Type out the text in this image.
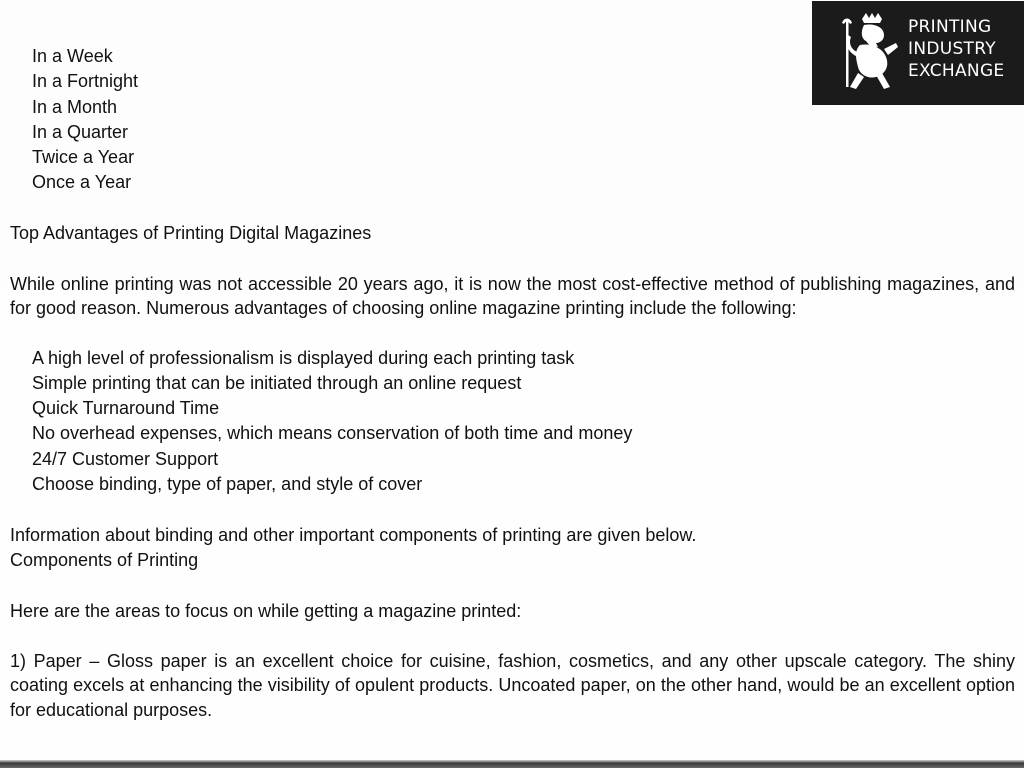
PRINTING
INDUSTRY
EXCHANGE
In a Week
In a Fortnight
In a Month
In a Quarter
Twice a Year
Once a Year
Top Advantages of Printing Digital Magazines
While online printing was not accessible 20 years ago, it is now the most cost-effective method of publishing magazines, and for good reason. Numerous advantages of choosing online magazine printing include the following:
A high level of professionalism is displayed during each printing task
Simple printing that can be initiated through an online request
Quick Turnaround Time
No overhead expenses, which means conservation of both time and money
24/7 Customer Support
Choose binding, type of paper, and style of cover
Information about binding and other important components of printing are given below.
Components of Printing
Here are the areas to focus on while getting a magazine printed:
1) Paper – Gloss paper is an excellent choice for cuisine, fashion, cosmetics, and any other upscale category. The shiny coating excels at enhancing the visibility of opulent products. Uncoated paper, on the other hand, would be an excellent option for educational purposes.
